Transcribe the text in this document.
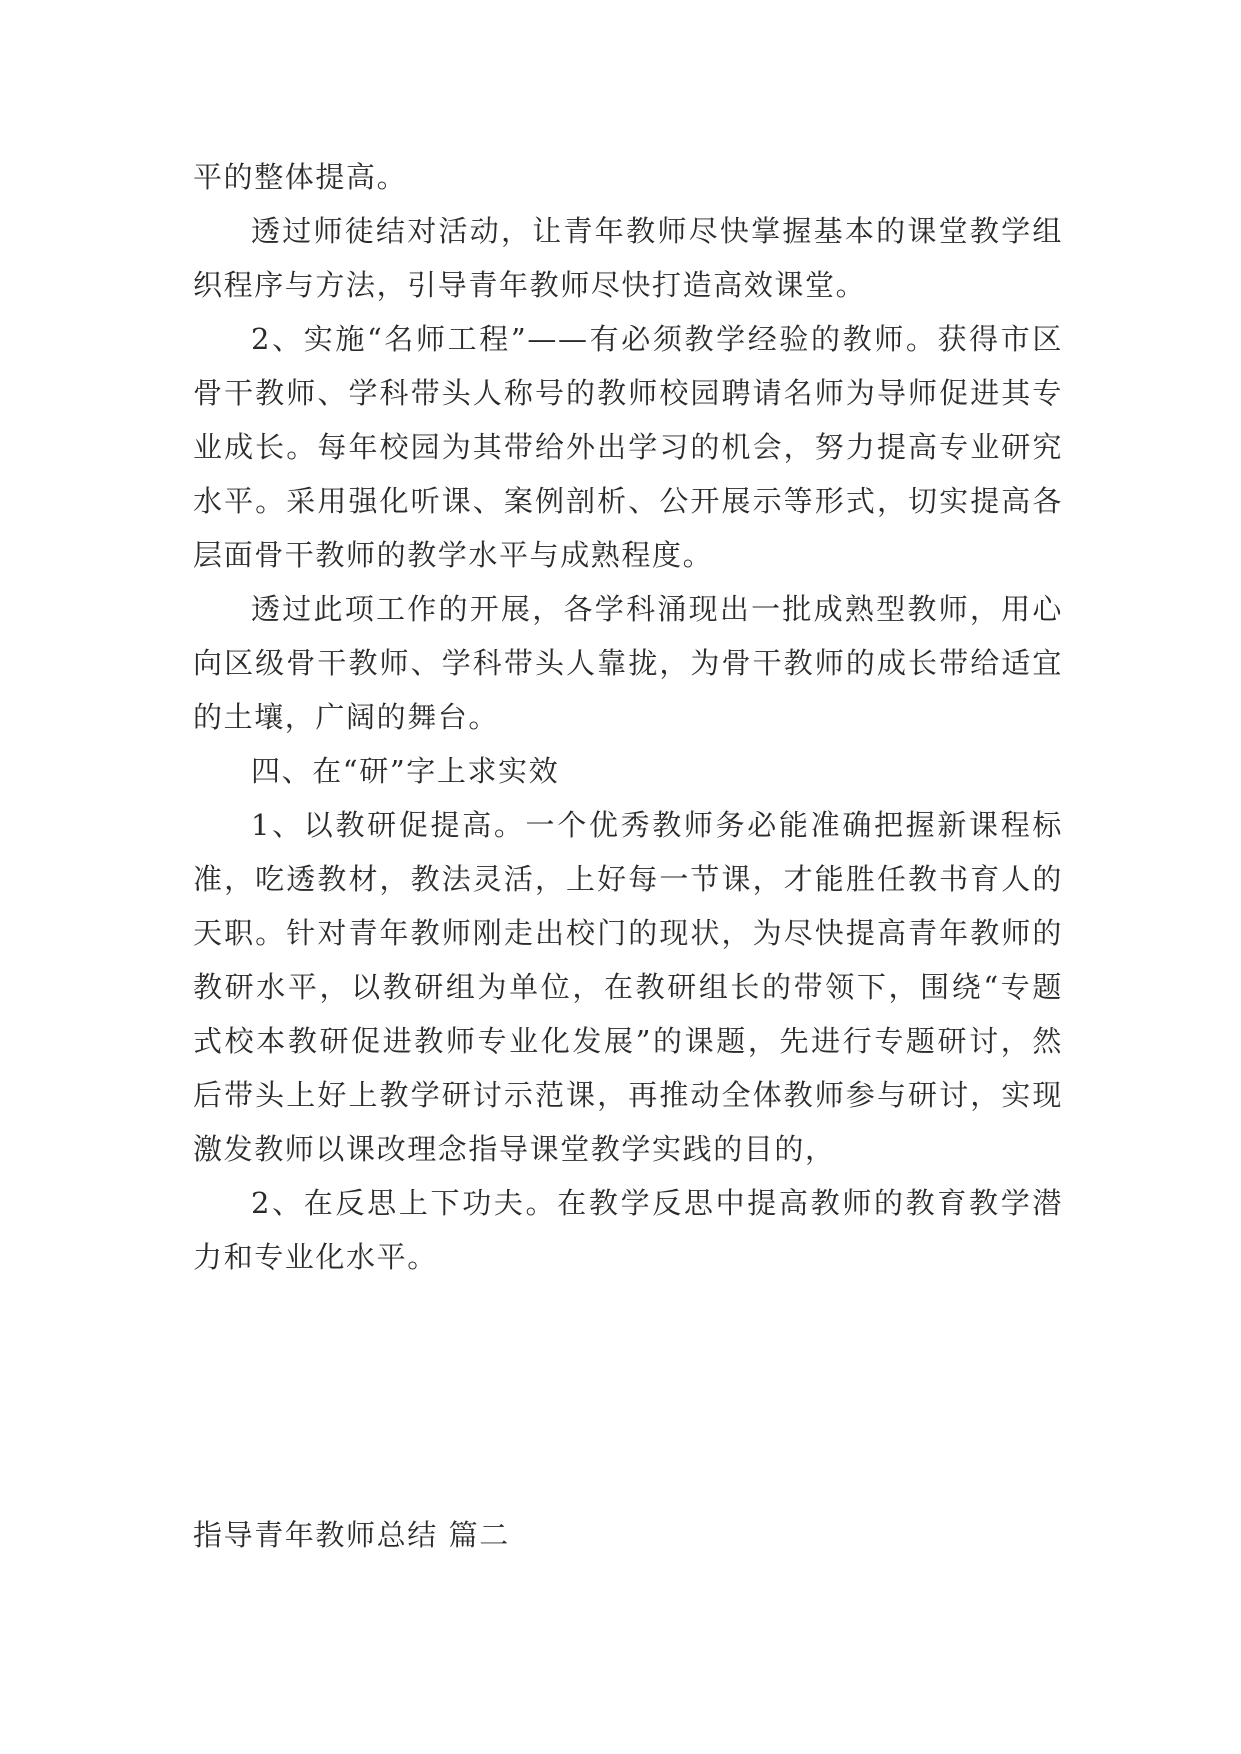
平的整体提高。

透过师徒结对活动，让青年教师尽快掌握基本的课堂教学组织程序与方法，引导青年教师尽快打造高效课堂。

2、实施“名师工程”——有必须教学经验的教师。获得市区骨干教师、学科带头人称号的教师校园聘请名师为导师促进其专业成长。每年校园为其带给外出学习的机会，努力提高专业研究水平。采用强化听课、案例剖析、公开展示等形式，切实提高各层面骨干教师的教学水平与成熟程度。

透过此项工作的开展，各学科涌现出一批成熟型教师，用心向区级骨干教师、学科带头人靠拢，为骨干教师的成长带给适宜的土壤，广阔的舞台。

四、在“研”字上求实效

1、以教研促提高。一个优秀教师务必能准确把握新课程标准，吃透教材，教法灵活，上好每一节课，才能胜任教书育人的天职。针对青年教师刚走出校门的现状，为尽快提高青年教师的教研水平，以教研组为单位，在教研组长的带领下，围绕“专题式校本教研促进教师专业化发展”的课题，先进行专题研讨，然后带头上好上教学研讨示范课，再推动全体教师参与研讨，实现激发教师以课改理念指导课堂教学实践的目的，

2、在反思上下功夫。在教学反思中提高教师的教育教学潜力和专业化水平。

指导青年教师总结 篇二
